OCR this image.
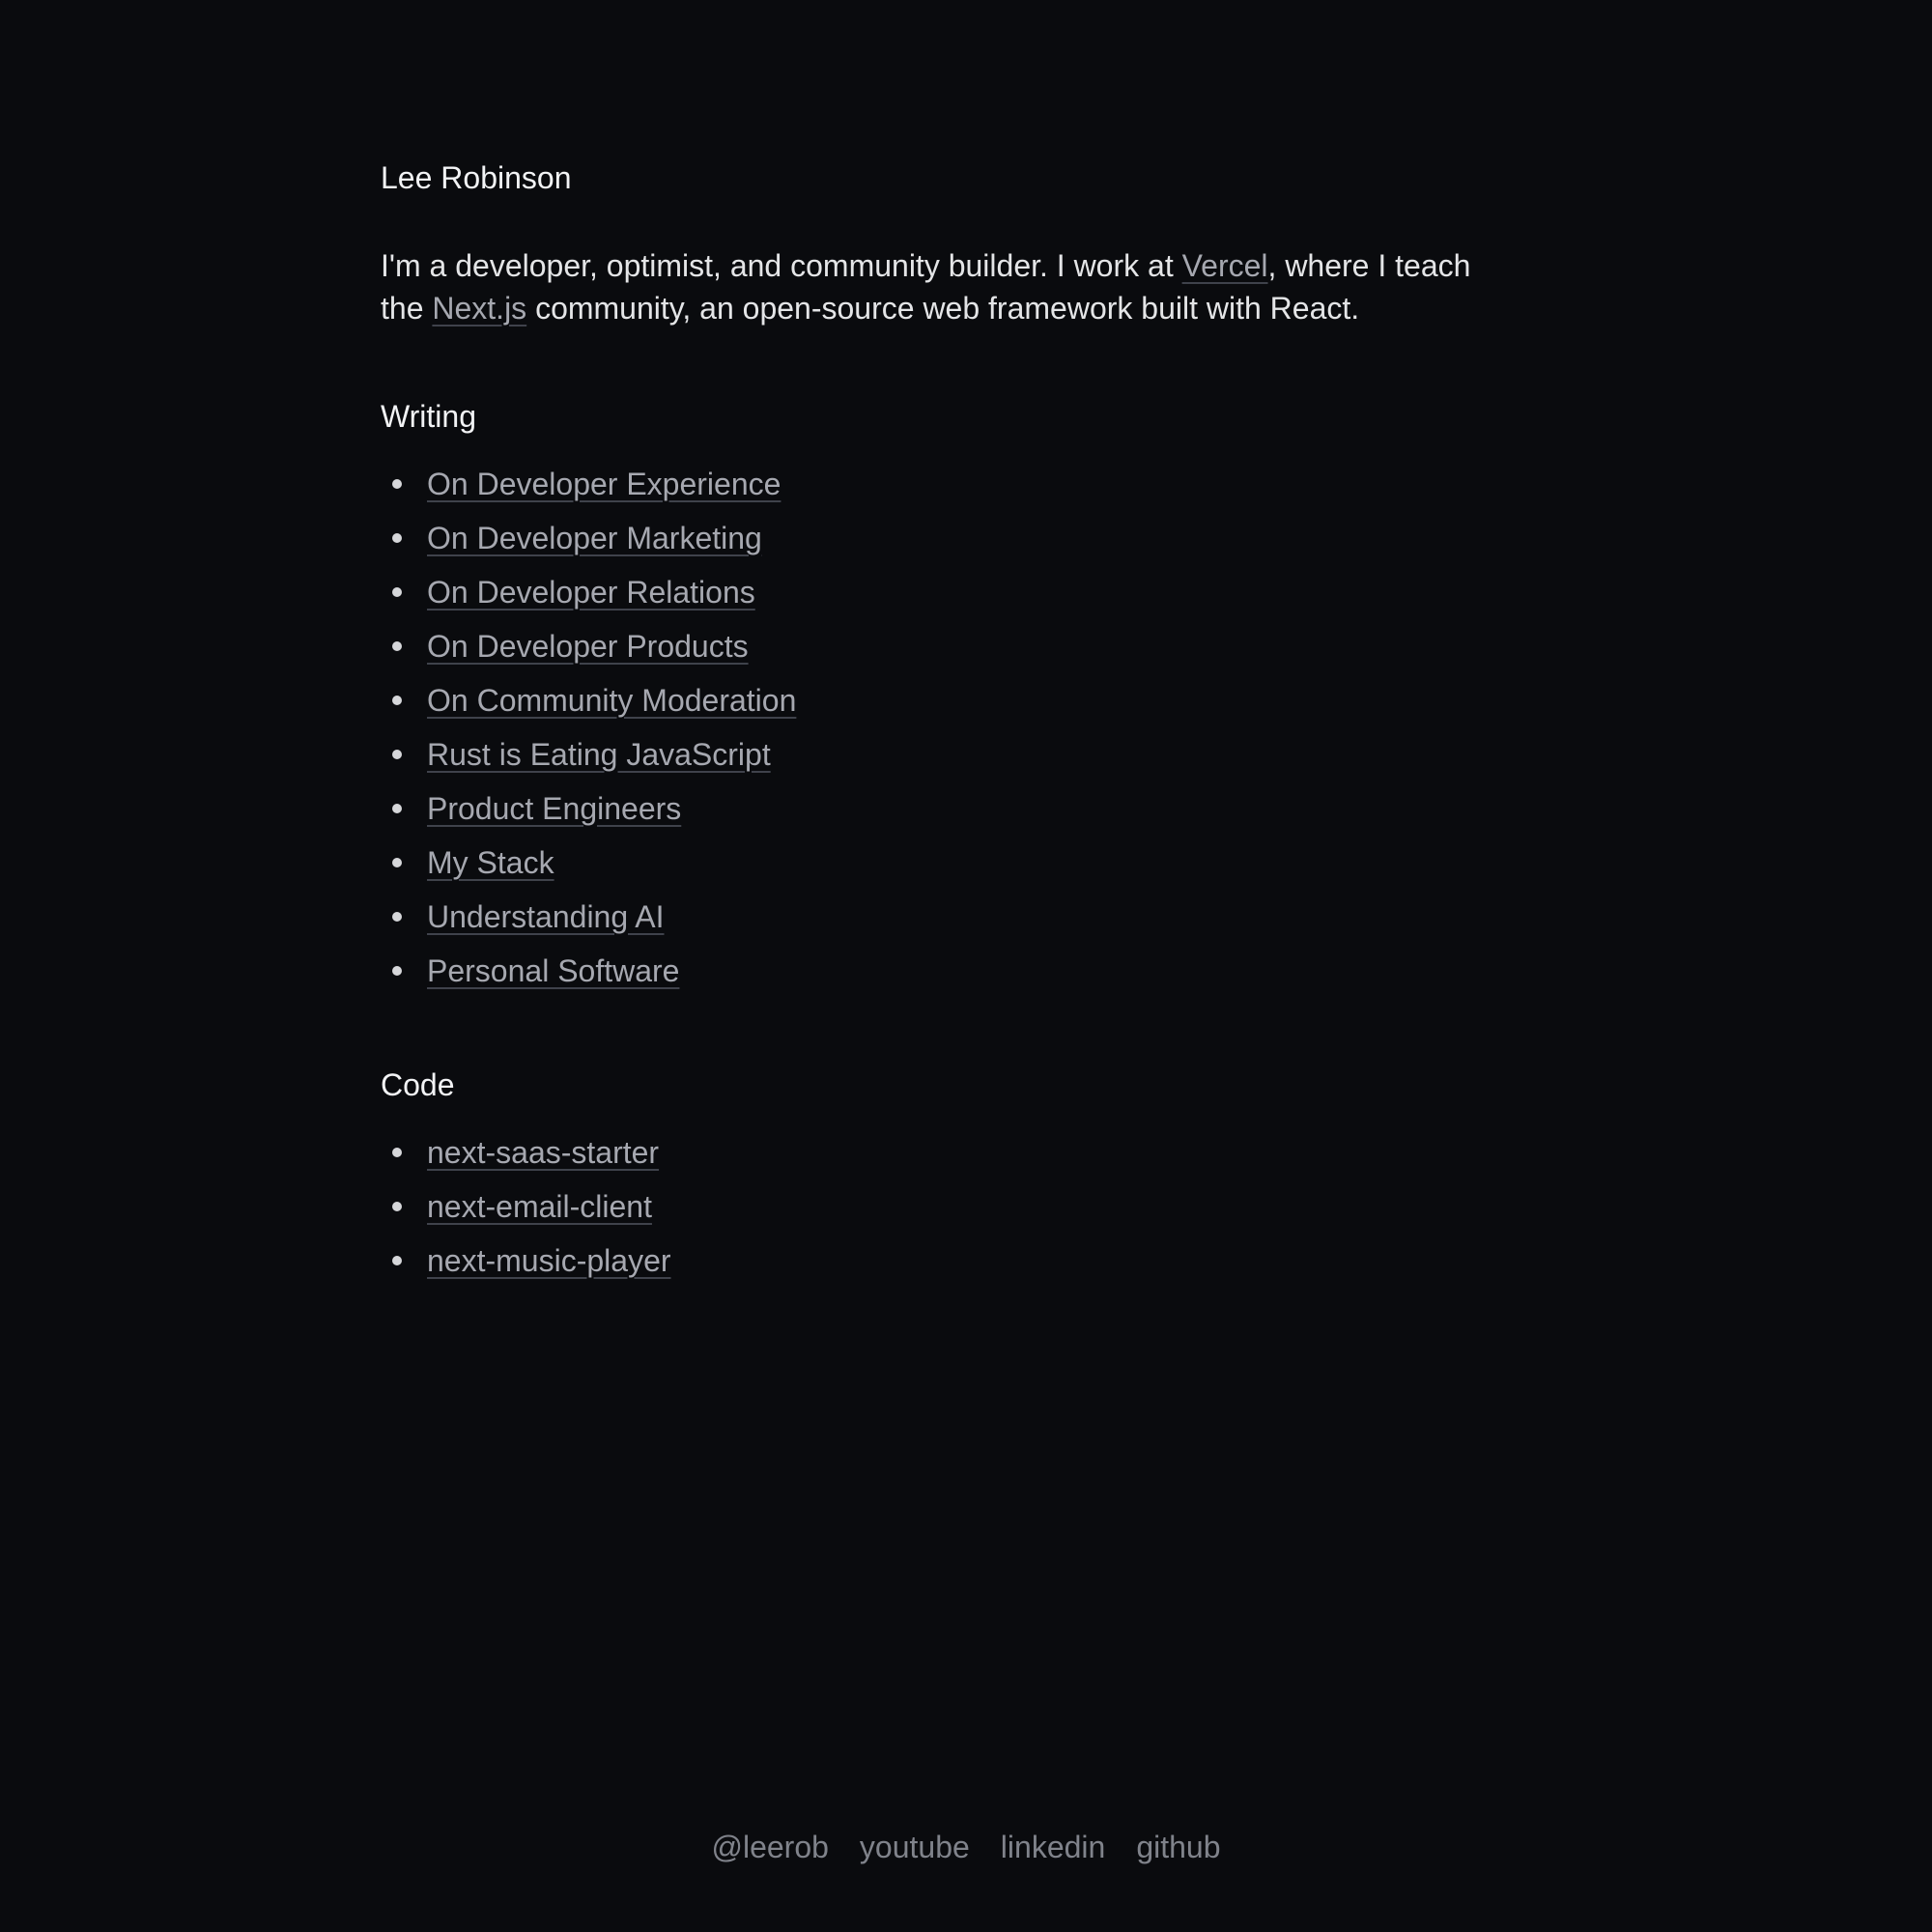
Lee Robinson

I'm a developer, optimist, and community builder. I work at Vercel, where I teach the Next.js community, an open-source web framework built with React.

Writing
On Developer Experience
On Developer Marketing
On Developer Relations
On Developer Products
On Community Moderation
Rust is Eating JavaScript
Product Engineers
My Stack
Understanding AI
Personal Software
Code
next-saas-starter
next-email-client
next-music-player
@leerob youtube linkedin github
